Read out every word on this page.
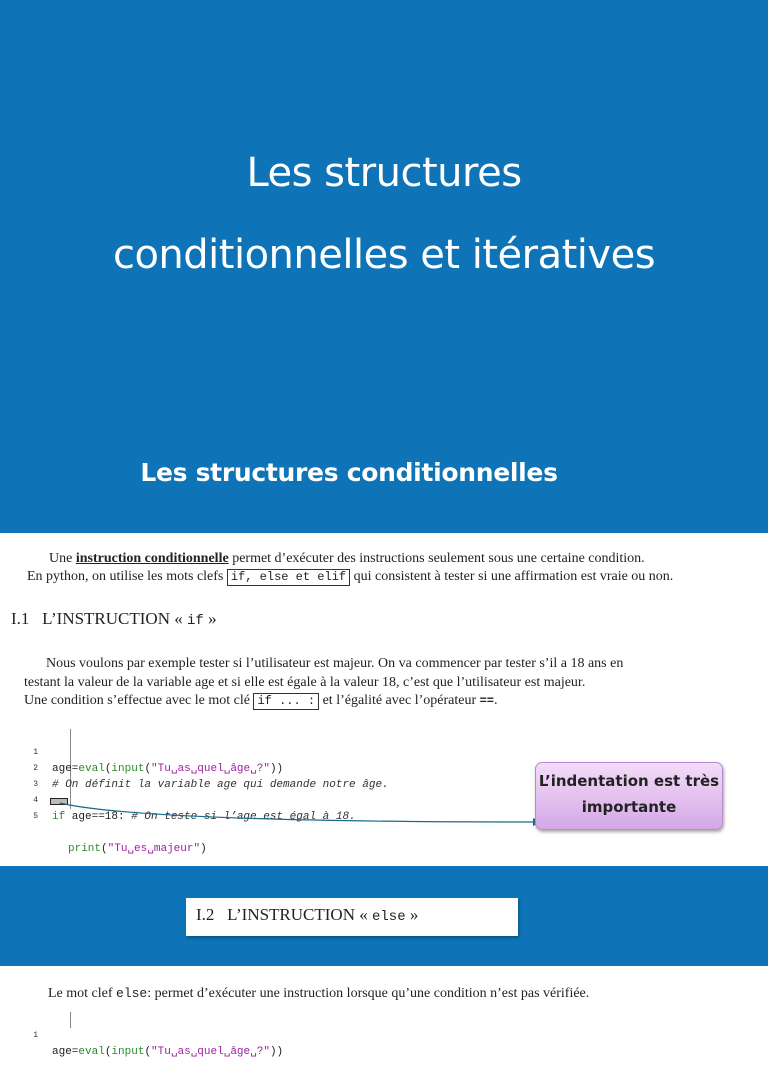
Les structures
conditionnelles et itératives
Les structures conditionnelles
Une instruction conditionnelle permet d’exécuter des instructions seulement sous une certaine condition.
En python, on utilise les mots clefs if, else et elif qui consistent à tester si une affirmation est vraie ou non.
I.1 L’INSTRUCTION « if »
Nous voulons par exemple tester si l’utilisateur est majeur. On va commencer par tester s’il a 18 ans en
testant la valeur de la variable age et si elle est égale à la valeur 18, c’est que l’utilisateur est majeur.
Une condition s’effectue avec le mot clé if ... : et l’égalité avec l’opérateur ==.

1

age=eval(input("Tu␣as␣quel␣âge␣?"))

2

# On définit la variable age qui demande notre âge.

3

4

if age==18: # On teste si l’age est égal à 18.

5

print("Tu␣es␣majeur")

L’indentation est très
importante
I.2 L’INSTRUCTION « else »
Le mot clef else: permet d’exécuter une instruction lorsque qu’une condition n’est pas vérifiée.

1

age=eval(input("Tu␣as␣quel␣âge␣?"))
